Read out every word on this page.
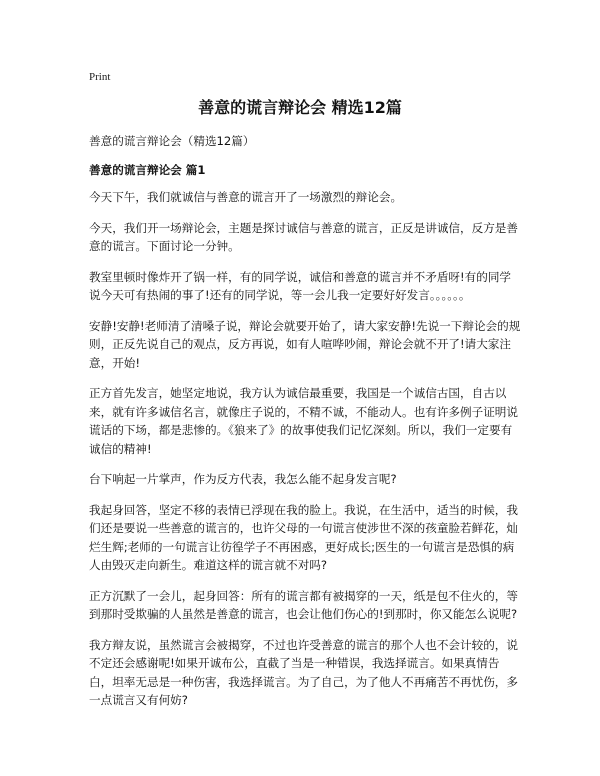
Print
善意的谎言辩论会 精选12篇

善意的谎言辩论会（精选12篇）

善意的谎言辩论会 篇1

今天下午，我们就诚信与善意的谎言开了一场激烈的辩论会。

今天，我们开一场辩论会，主题是探讨诚信与善意的谎言，正反是讲诚信，反方是善意的谎言。下面讨论一分钟。

教室里顿时像炸开了锅一样，有的同学说，诚信和善意的谎言并不矛盾呀!有的同学说今天可有热闹的事了!还有的同学说，等一会儿我一定要好好发言。。。。。。

安静!安静!老师清了清嗓子说，辩论会就要开始了，请大家安静!先说一下辩论会的规则，正反先说自己的观点，反方再说，如有人喧哗吵闹，辩论会就不开了!请大家注意，开始!

正方首先发言，她坚定地说，我方认为诚信最重要，我国是一个诚信古国，自古以来，就有许多诚信名言，就像庄子说的，不精不诚，不能动人。也有许多例子证明说谎话的下场，都是悲惨的。《狼来了》的故事使我们记忆深刻。所以，我们一定要有诚信的精神!

台下响起一片掌声，作为反方代表，我怎么能不起身发言呢?

我起身回答，坚定不移的表情已浮现在我的脸上。我说，在生活中，适当的时候，我们还是要说一些善意的谎言的，也许父母的一句谎言使涉世不深的孩童脸若鲜花，灿烂生辉;老师的一句谎言让彷徨学子不再困惑，更好成长;医生的一句谎言是恐惧的病人由毁灭走向新生。难道这样的谎言就不对吗?

正方沉默了一会儿，起身回答：所有的谎言都有被揭穿的一天，纸是包不住火的，等到那时受欺骗的人虽然是善意的谎言，也会让他们伤心的!到那时，你又能怎么说呢?

我方辩友说，虽然谎言会被揭穿，不过也许受善意的谎言的那个人也不会计较的，说不定还会感谢呢!如果开诚布公，直截了当是一种错误，我选择谎言。如果真情告白，坦率无忌是一种伤害，我选择谎言。为了自己，为了他人不再痛苦不再忧伤，多一点谎言又有何妨?
